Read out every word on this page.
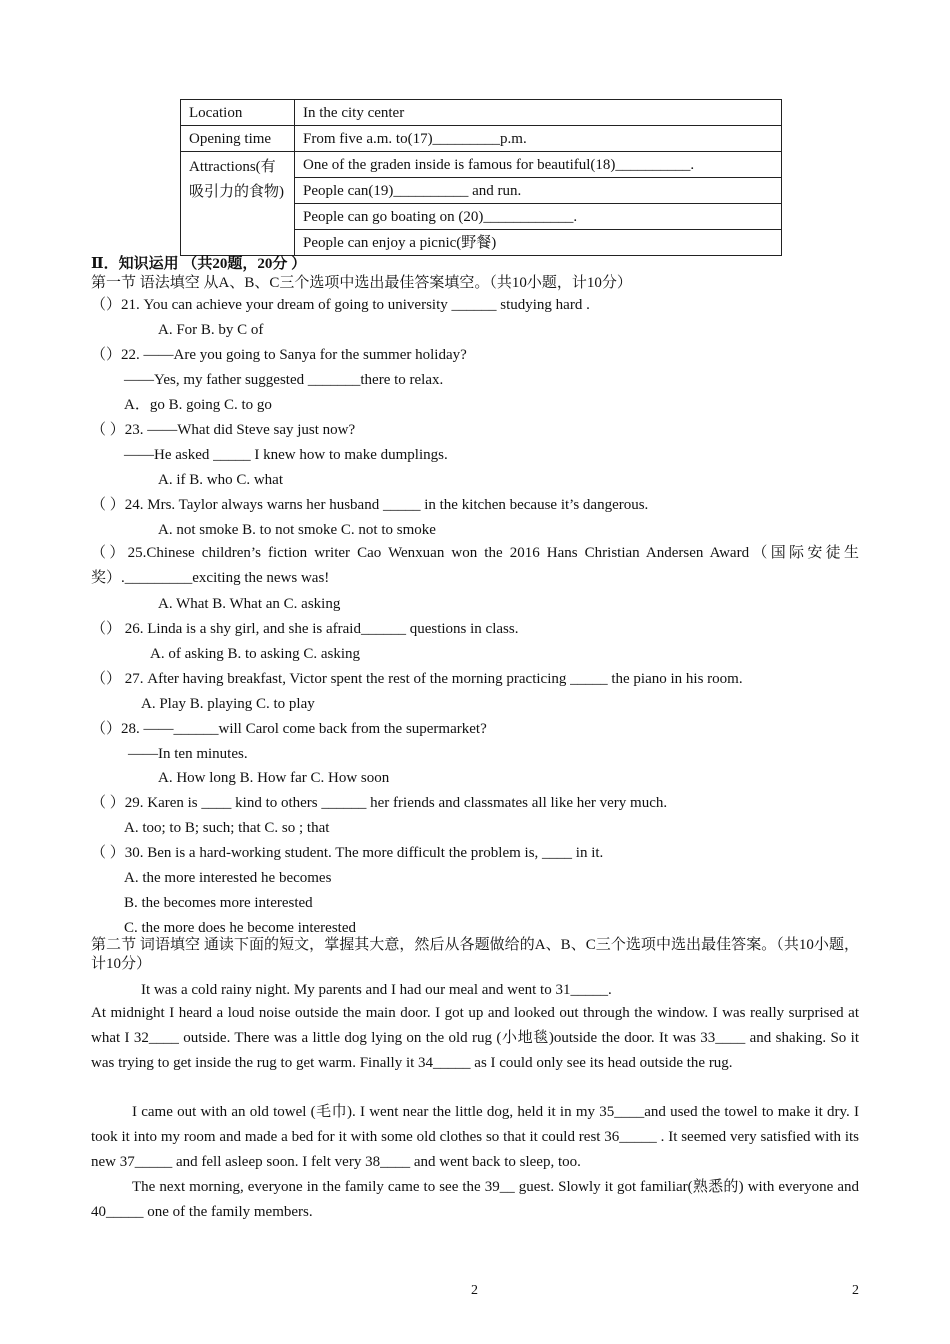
Location	In the city center
Opening time	From five a.m. to(17)_________p.m.
Attractions(有吸引力的食物)	One of the graden inside is famous for beautiful(18)__________.
	People can(19)__________ and run.
	People can go boating on (20)____________.
	People can enjoy a picnic(野餐)
Ⅱ．知识运用 （共20题，20分 ）
第一节 语法填空 从A、B、C三个选项中选出最佳答案填空。（共10小题，计10分）
（）21. You can achieve your dream of going to university ______ studying hard .
A. For B. by C of
（）22. ——Are you going to Sanya for the summer holiday?
——Yes, my father suggested _______there to relax.
A．go B. going C. to go
（ ）23. ——What did Steve say just now?
——He asked _____ I knew how to make dumplings.
A. if B. who C. what
（ ）24. Mrs. Taylor always warns her husband _____ in the kitchen because it’s dangerous.
A. not smoke B. to not smoke C. not to smoke
（）25.Chinese children’s fiction writer Cao Wenxuan won the 2016 Hans Christian Andersen Award（国际安徒生奖）._________exciting the news was!
A. What B. What an C. asking
（） 26. Linda is a shy girl, and she is afraid______ questions in class.
A. of asking B. to asking C. asking
（） 27. After having breakfast, Victor spent the rest of the morning practicing _____ the piano in his room.
A. Play B. playing C. to play
（）28. ——______will Carol come back from the supermarket?
——In ten minutes.
A. How long B. How far C. How soon
（ ）29. Karen is ____ kind to others ______ her friends and classmates all like her very much.
A. too; to B; such; that C. so ; that
（ ）30. Ben is a hard-working student. The more difficult the problem is, ____ in it.
A. the more interested he becomes
B. the becomes more interested
C. the more does he become interested
第二节 词语填空 通读下面的短文，掌握其大意，然后从各题做给的A、B、C三个选项中选出最佳答案。（共10小题，计10分）
It was a cold rainy night. My parents and I had our meal and went to 31_____.
At midnight I heard a loud noise outside the main door. I got up and looked out through the window. I was really surprised at what I 32____ outside. There was a little dog lying on the old rug (小地毯)outside the door. It was 33____ and shaking. So it was trying to get inside the rug to get warm. Finally it 34_____ as I could only see its head outside the rug.
I came out with an old towel (毛巾). I went near the little dog, held it in my 35____and used the towel to make it dry. I took it into my room and made a bed for it with some old clothes so that it could rest 36_____ . It seemed very satisfied with its new 37_____ and fell asleep soon. I felt very 38____ and went back to sleep, too.
The next morning, everyone in the family came to see the 39__ guest. Slowly it got familiar(熟悉的) with everyone and 40_____ one of the family members.
2	2
